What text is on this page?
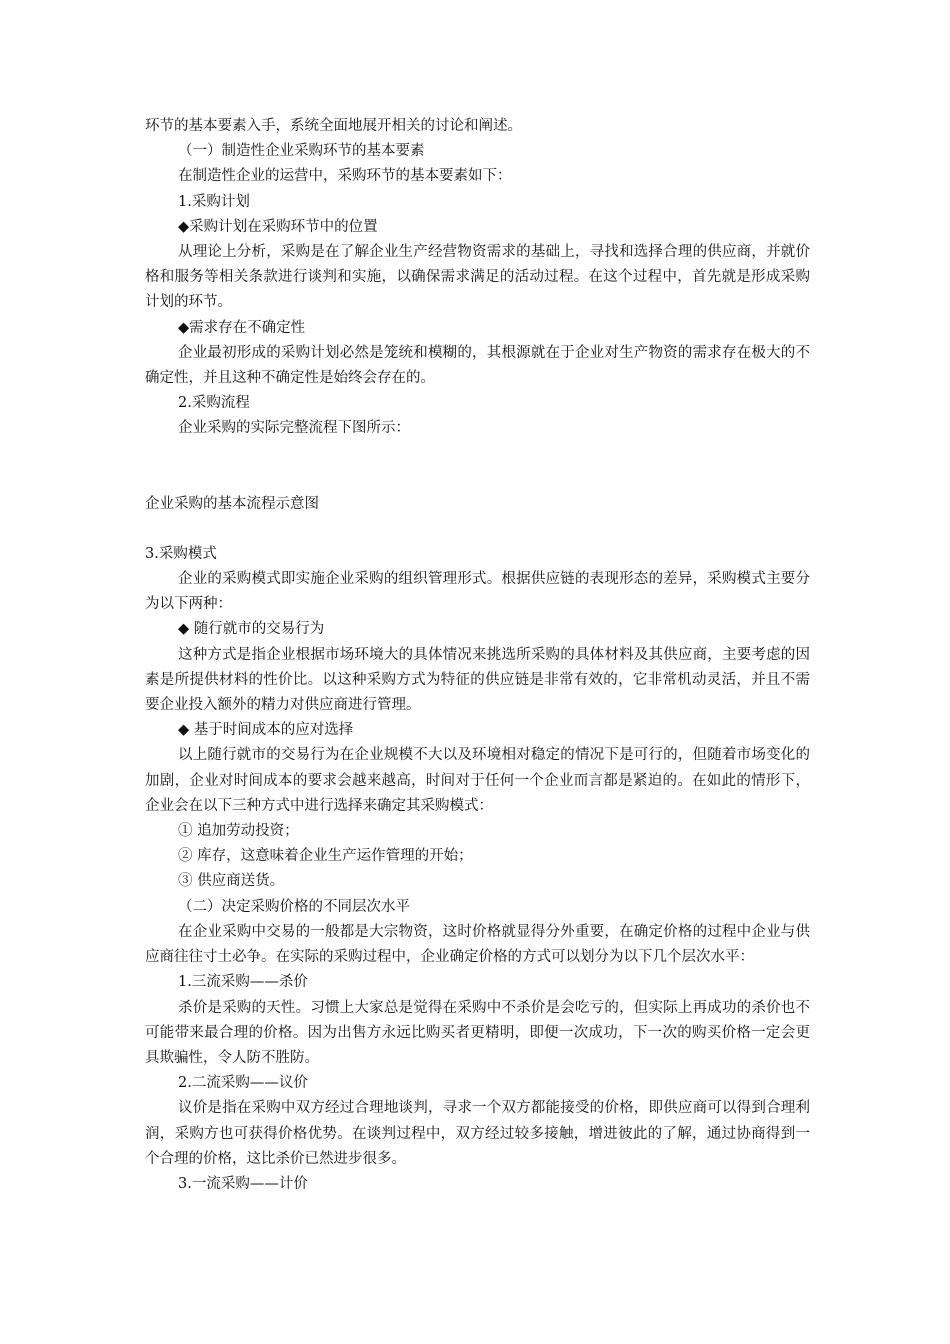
环节的基本要素入手，系统全面地展开相关的讨论和阐述。

（一）制造性企业采购环节的基本要素

在制造性企业的运营中，采购环节的基本要素如下：

1.采购计划

◆采购计划在采购环节中的位置

从理论上分析，采购是在了解企业生产经营物资需求的基础上，寻找和选择合理的供应商，并就价格和服务等相关条款进行谈判和实施，以确保需求满足的活动过程。在这个过程中，首先就是形成采购计划的环节。

◆需求存在不确定性

企业最初形成的采购计划必然是笼统和模糊的，其根源就在于企业对生产物资的需求存在极大的不确定性，并且这种不确定性是始终会存在的。

2.采购流程

企业采购的实际完整流程下图所示：

企业采购的基本流程示意图

3.采购模式

企业的采购模式即实施企业采购的组织管理形式。根据供应链的表现形态的差异，采购模式主要分为以下两种：

◆ 随行就市的交易行为

这种方式是指企业根据市场环境大的具体情况来挑选所采购的具体材料及其供应商，主要考虑的因素是所提供材料的性价比。以这种采购方式为特征的供应链是非常有效的，它非常机动灵活，并且不需要企业投入额外的精力对供应商进行管理。

◆ 基于时间成本的应对选择

以上随行就市的交易行为在企业规模不大以及环境相对稳定的情况下是可行的，但随着市场变化的加剧，企业对时间成本的要求会越来越高，时间对于任何一个企业而言都是紧迫的。在如此的情形下，企业会在以下三种方式中进行选择来确定其采购模式：

① 追加劳动投资；

② 库存，这意味着企业生产运作管理的开始；

③ 供应商送货。

（二）决定采购价格的不同层次水平

在企业采购中交易的一般都是大宗物资，这时价格就显得分外重要，在确定价格的过程中企业与供应商往往寸土必争。在实际的采购过程中，企业确定价格的方式可以划分为以下几个层次水平：

1.三流采购——杀价

杀价是采购的天性。习惯上大家总是觉得在采购中不杀价是会吃亏的，但实际上再成功的杀价也不可能带来最合理的价格。因为出售方永远比购买者更精明，即便一次成功，下一次的购买价格一定会更具欺骗性，令人防不胜防。

2.二流采购——议价

议价是指在采购中双方经过合理地谈判，寻求一个双方都能接受的价格，即供应商可以得到合理利润，采购方也可获得价格优势。在谈判过程中，双方经过较多接触，增进彼此的了解，通过协商得到一个合理的价格，这比杀价已然进步很多。

3.一流采购——计价
